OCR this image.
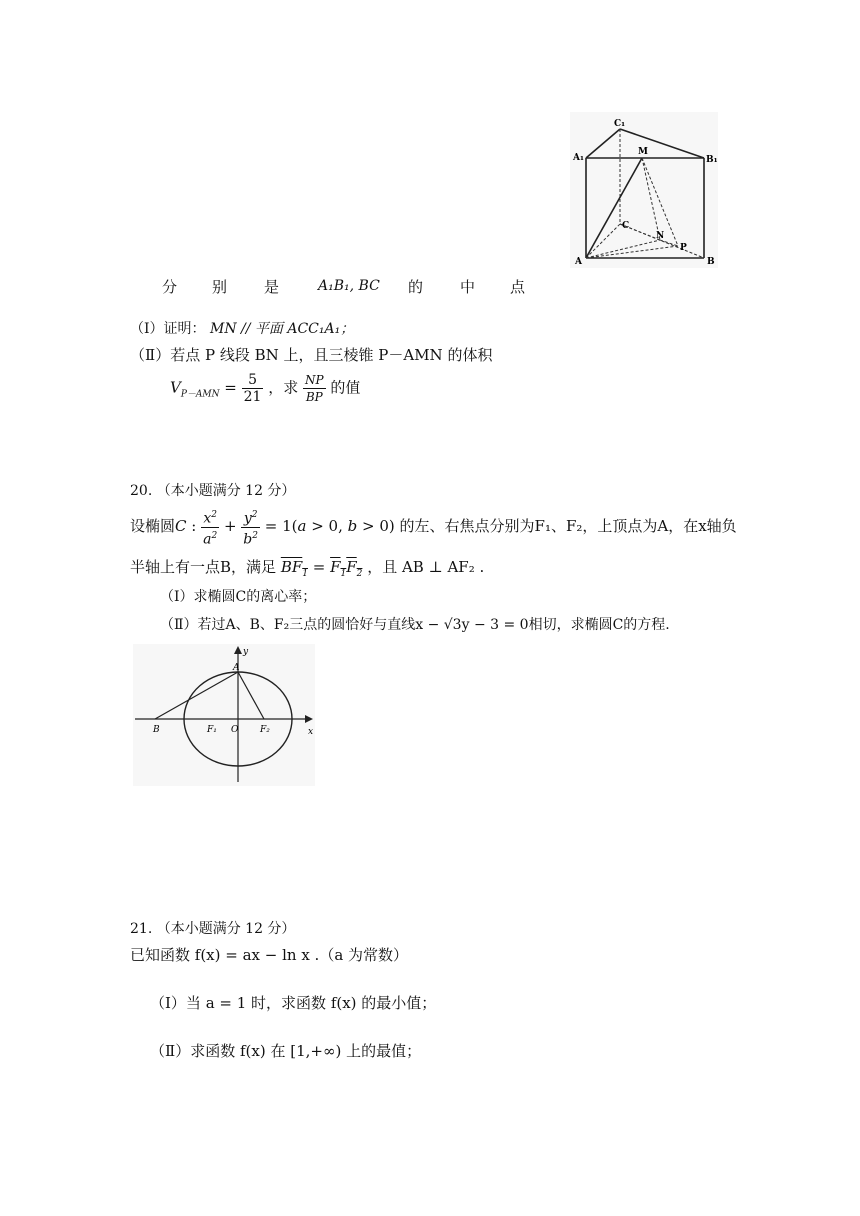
C₁
A₁	B₁
M
C
N
P
A	B
分 别 是	A₁B₁, BC 的 中 点
（Ⅰ）证明： MN // 平面 ACC₁A₁；
（Ⅱ）若点 P 线段 BN 上，且三棱锥 P－AMN 的体积
$V_{P-AMN} = \frac{5}{21}$ ，求 $\frac{NP}{BP}$ 的值
20. （本小题满分 12 分）
设椭圆C : $\frac{x^2}{a^2} + \frac{y^2}{b^2} = 1(a > 0$, b > 0) 的左、右焦点分别为F₁、F₂，上顶点为A，在x轴负
半轴上有一点B，满足 $BF_1 = F_1F_2$ ，且 AB ⊥ AF₂ .
（Ⅰ）求椭圆C的离心率；
（Ⅱ）若过A、B、F₂三点的圆恰好与直线x − √3y − 3 = 0相切，求椭圆C的方程.
y
A
B	F₁ O F₂	x
21. （本小题满分 12 分）
已知函数 f(x) = ax − ln x .（a 为常数）
（Ⅰ）当 a = 1 时，求函数 f(x) 的最小值；
（Ⅱ）求函数 f(x) 在 [1,+∞) 上的最值；
